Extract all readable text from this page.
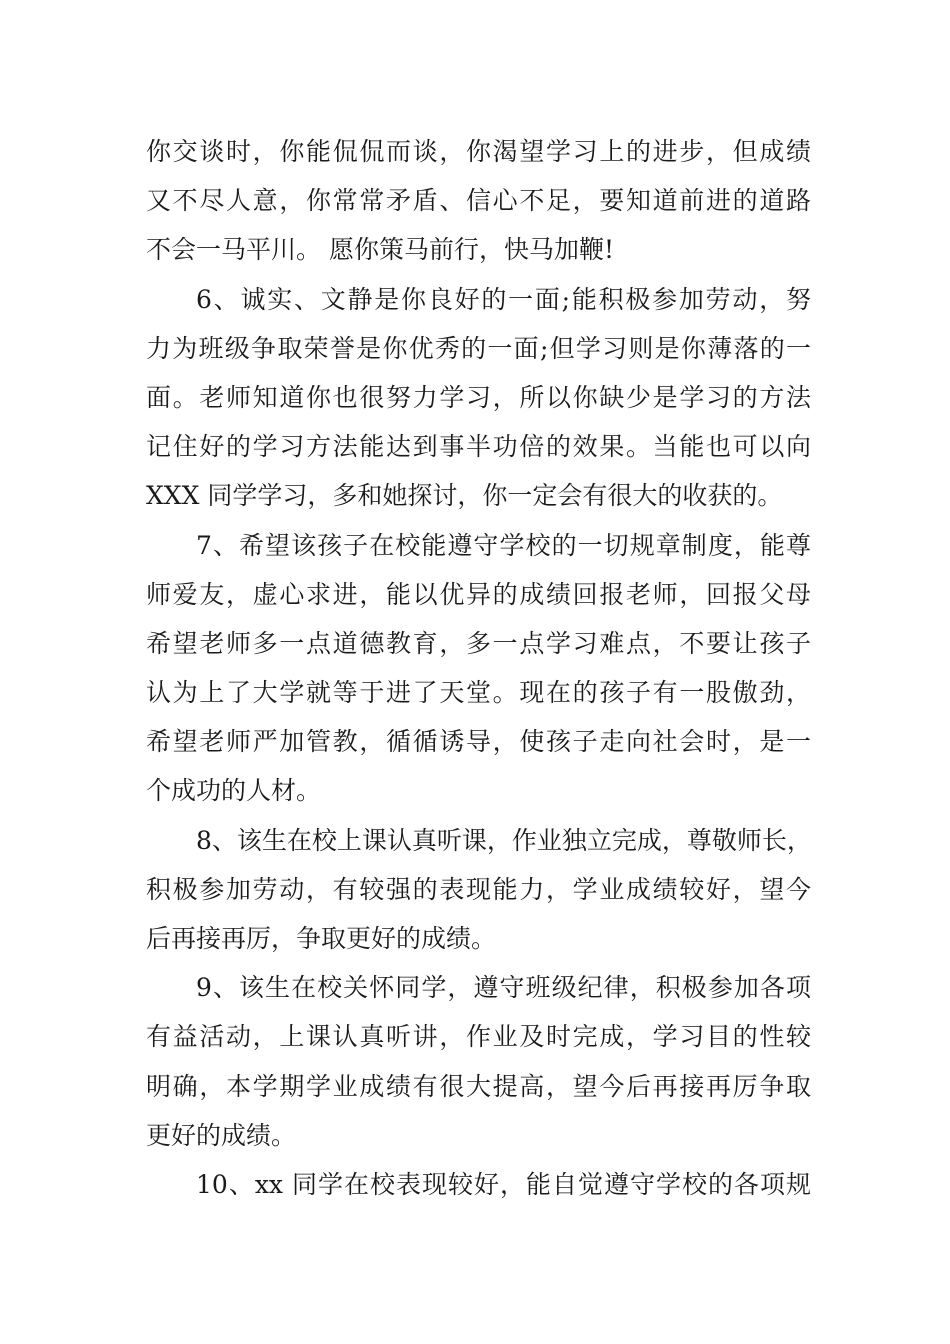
你交谈时，你能侃侃而谈，你渴望学习上的进步，但成绩
又不尽人意，你常常矛盾、信心不足，要知道前进的道路
不会一马平川。 愿你策马前行，快马加鞭!
6、诚实、文静是你良好的一面;能积极参加劳动，努
力为班级争取荣誉是你优秀的一面;但学习则是你薄落的一
面。老师知道你也很努力学习，所以你缺少是学习的方法
记住好的学习方法能达到事半功倍的效果。当能也可以向
XXX 同学学习，多和她探讨，你一定会有很大的收获的。
7、希望该孩子在校能遵守学校的一切规章制度，能尊
师爱友，虚心求进，能以优异的成绩回报老师，回报父母
希望老师多一点道德教育，多一点学习难点，不要让孩子
认为上了大学就等于进了天堂。现在的孩子有一股傲劲，
希望老师严加管教，循循诱导，使孩子走向社会时，是一
个成功的人材。
8、该生在校上课认真听课，作业独立完成，尊敬师长，
积极参加劳动，有较强的表现能力，学业成绩较好，望今
后再接再厉，争取更好的成绩。
9、该生在校关怀同学，遵守班级纪律，积极参加各项
有益活动，上课认真听讲，作业及时完成，学习目的性较
明确，本学期学业成绩有很大提高，望今后再接再厉争取
更好的成绩。
10、xx 同学在校表现较好，能自觉遵守学校的各项规
